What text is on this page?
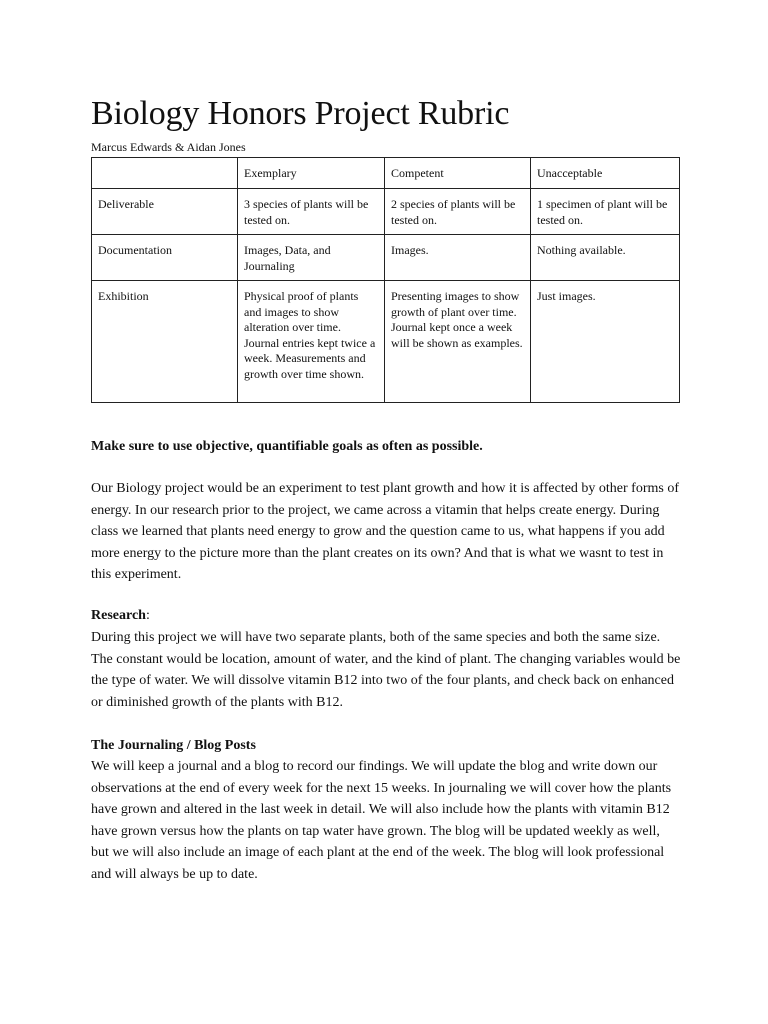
Biology Honors Project Rubric
Marcus Edwards & Aidan Jones
	Exemplary	Competent	Unacceptable
Deliverable	3 species of plants will be tested on.	2 species of plants will be tested on.	1 specimen of plant will be tested on.
Documentation	Images, Data, and Journaling	Images.	Nothing available.
Exhibition	Physical proof of plants and images to show alteration over time. Journal entries kept twice a week. Measurements and growth over time shown.	Presenting images to show growth of plant over time. Journal kept once a week will be shown as examples.	Just images.

Make sure to use objective, quantifiable goals as often as possible.

Our Biology project would be an experiment to test plant growth and how it is affected by other forms of energy. In our research prior to the project, we came across a vitamin that helps create energy. During class we learned that plants need energy to grow and the question came to us, what happens if you add more energy to the picture more than the plant creates on its own? And that is what we wasnt to test in this experiment.

Research:

During this project we will have two separate plants, both of the same species and both the same size. The constant would be location, amount of water, and the kind of plant. The changing variables would be the type of water. We will dissolve vitamin B12 into two of the four plants, and check back on enhanced or diminished growth of the plants with B12.

The Journaling / Blog Posts

We will keep a journal and a blog to record our findings. We will update the blog and write down our observations at the end of every week for the next 15 weeks. In journaling we will cover how the plants have grown and altered in the last week in detail. We will also include how the plants with vitamin B12 have grown versus how the plants on tap water have grown. The blog will be updated weekly as well, but we will also include an image of each plant at the end of the week. The blog will look professional and will always be up to date.
